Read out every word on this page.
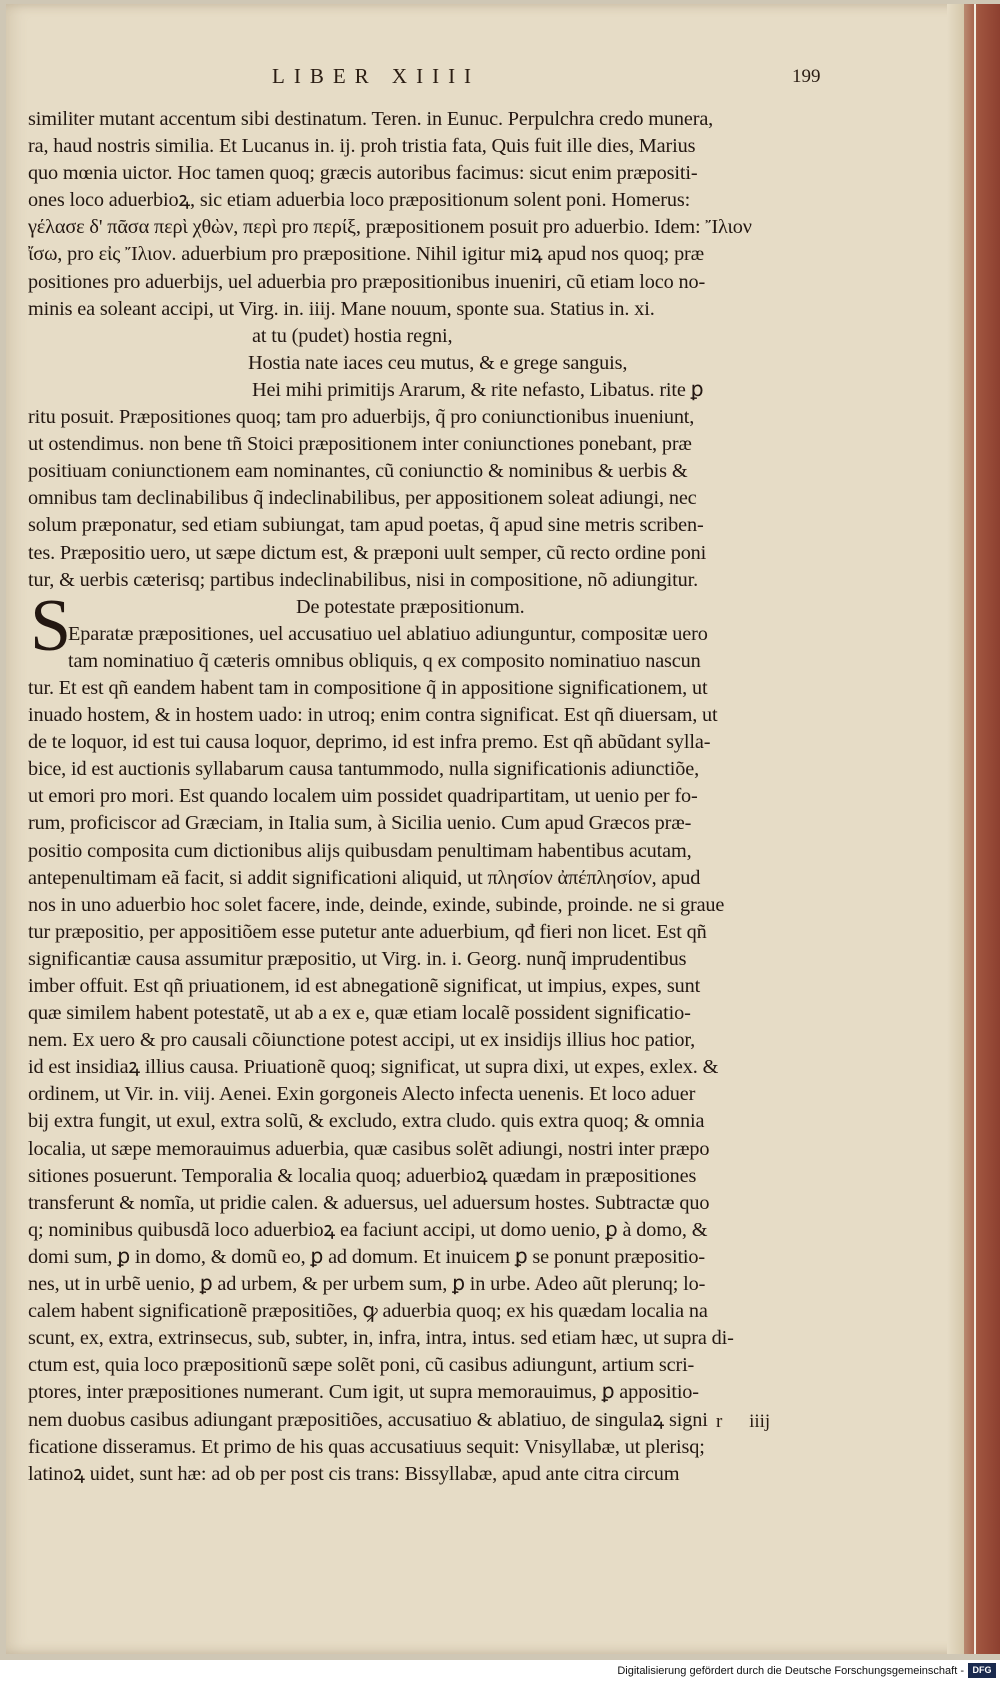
LIBER XIIII	199

S
similiter mutant accentum sibi destinatum. Teren. in Eunuc. Perpulchra credo munera,
ra, haud nostris similia. Et Lucanus in. ij. proh tristia fata, Quis fuit ille dies, Marius
quo mœnia uictor. Hoc tamen quoq; græcis autoribus facimus: sicut enim præpositi-
ones loco aduerbioꝝ, sic etiam aduerbia loco præpositionum solent poni. Homerus:
γέλασε δ' πᾶσα περὶ χθὼν, περὶ pro περίξ, præpositionem posuit pro aduerbio. Idem: Ἴλιον
ἴσω, pro εἰς Ἴλιον. aduerbium pro præpositione. Nihil igitur miꝝ apud nos quoq; præ
positiones pro aduerbijs, uel aduerbia pro præpositionibus inueniri, cũ etiam loco no-
minis ea soleant accipi, ut Virg. in. iiij. Mane nouum, sponte sua. Statius in. xi.
at tu (pudet) hostia regni,
Hostia nate iaces ceu mutus, & e grege sanguis,
Hei mihi primitijs Ararum, & rite nefasto, Libatus. rite ꝑ
ritu posuit. Præpositiones quoq; tam pro aduerbijs, q̃ pro coniunctionibus inueniunt,
ut ostendimus. non bene tñ Stoici præpositionem inter coniunctiones ponebant, præ
positiuam coniunctionem eam nominantes, cũ coniunctio & nominibus & uerbis &
omnibus tam declinabilibus q̃ indeclinabilibus, per appositionem soleat adiungi, nec
solum præponatur, sed etiam subiungat, tam apud poetas, q̃ apud sine metris scriben-
tes. Præpositio uero, ut sæpe dictum est, & præponi uult semper, cũ recto ordine poni
tur, & uerbis cæterisq; partibus indeclinabilibus, nisi in compositione, nõ adiungitur.
De potestate præpositionum.
Eparatæ præpositiones, uel accusatiuo uel ablatiuo adiunguntur, compositæ uero
tam nominatiuo q̃ cæteris omnibus obliquis, q ex composito nominatiuo nascun
tur. Et est qñ eandem habent tam in compositione q̃ in appositione significationem, ut
inuado hostem, & in hostem uado: in utroq; enim contra significat. Est qñ diuersam, ut
de te loquor, id est tui causa loquor, deprimo, id est infra premo. Est qñ abũdant sylla-
bice, id est auctionis syllabarum causa tantummodo, nulla significationis adiunctiõe,
ut emori pro mori. Est quando localem uim possidet quadripartitam, ut uenio per fo-
rum, proficiscor ad Græciam, in Italia sum, à Sicilia uenio. Cum apud Græcos præ-
positio composita cum dictionibus alijs quibusdam penultimam habentibus acutam,
antepenultimam eã facit, si addit significationi aliquid, ut πλησίον ἀπέπλησίον, apud
nos in uno aduerbio hoc solet facere, inde, deinde, exinde, subinde, proinde. ne si graue
tur præpositio, per appositiõem esse putetur ante aduerbium, qđ fieri non licet. Est qñ
significantiæ causa assumitur præpositio, ut Virg. in. i. Georg. nunq̃ imprudentibus
imber offuit. Est qñ priuationem, id est abnegationẽ significat, ut impius, expes, sunt
quæ similem habent potestatẽ, ut ab a ex e, quæ etiam localẽ possident significatio-
nem. Ex uero & pro causali cõiunctione potest accipi, ut ex insidijs illius hoc patior,
id est insidiaꝝ illius causa. Priuationẽ quoq; significat, ut supra dixi, ut expes, exlex. &
ordinem, ut Vir. in. viij. Aenei. Exin gorgoneis Alecto infecta uenenis. Et loco aduer
bij extra fungit, ut exul, extra solũ, & excludo, extra cludo. quis extra quoq; & omnia
localia, ut sæpe memorauimus aduerbia, quæ casibus solẽt adiungi, nostri inter præpo
sitiones posuerunt. Temporalia & localia quoq; aduerbioꝝ quædam in præpositiones
transferunt & nomĩa, ut pridie calen. & aduersus, uel aduersum hostes. Subtractæ quo
q; nominibus quibusdã loco aduerbioꝝ ea faciunt accipi, ut domo uenio, ꝑ à domo, &
domi sum, ꝑ in domo, & domũ eo, ꝑ ad domum. Et inuicem ꝑ se ponunt præpositio-
nes, ut in urbẽ uenio, ꝑ ad urbem, & per urbem sum, ꝑ in urbe. Adeo aũt plerunq; lo-
calem habent significationẽ præpositiões, ꝙ aduerbia quoq; ex his quædam localia na
scunt, ex, extra, extrinsecus, sub, subter, in, infra, intra, intus. sed etiam hæc, ut supra di-
ctum est, quia loco præpositionũ sæpe solẽt poni, cũ casibus adiungunt, artium scri-
ptores, inter præpositiones numerant. Cum igit, ut supra memorauimus, ꝑ appositio-
nem duobus casibus adiungant præpositiões, accusatiuo & ablatiuo, de singulaꝝ signi
ficatione disseramus. Et primo de his quas accusatiuus sequit: Vnisyllabæ, ut plerisq;
latinoꝝ uidet, sunt hæ: ad ob per post cis trans: Bissyllabæ, apud ante citra circum

r iiij

Digitalisierung gefördert durch die Deutsche Forschungsgemeinschaft - DFG
